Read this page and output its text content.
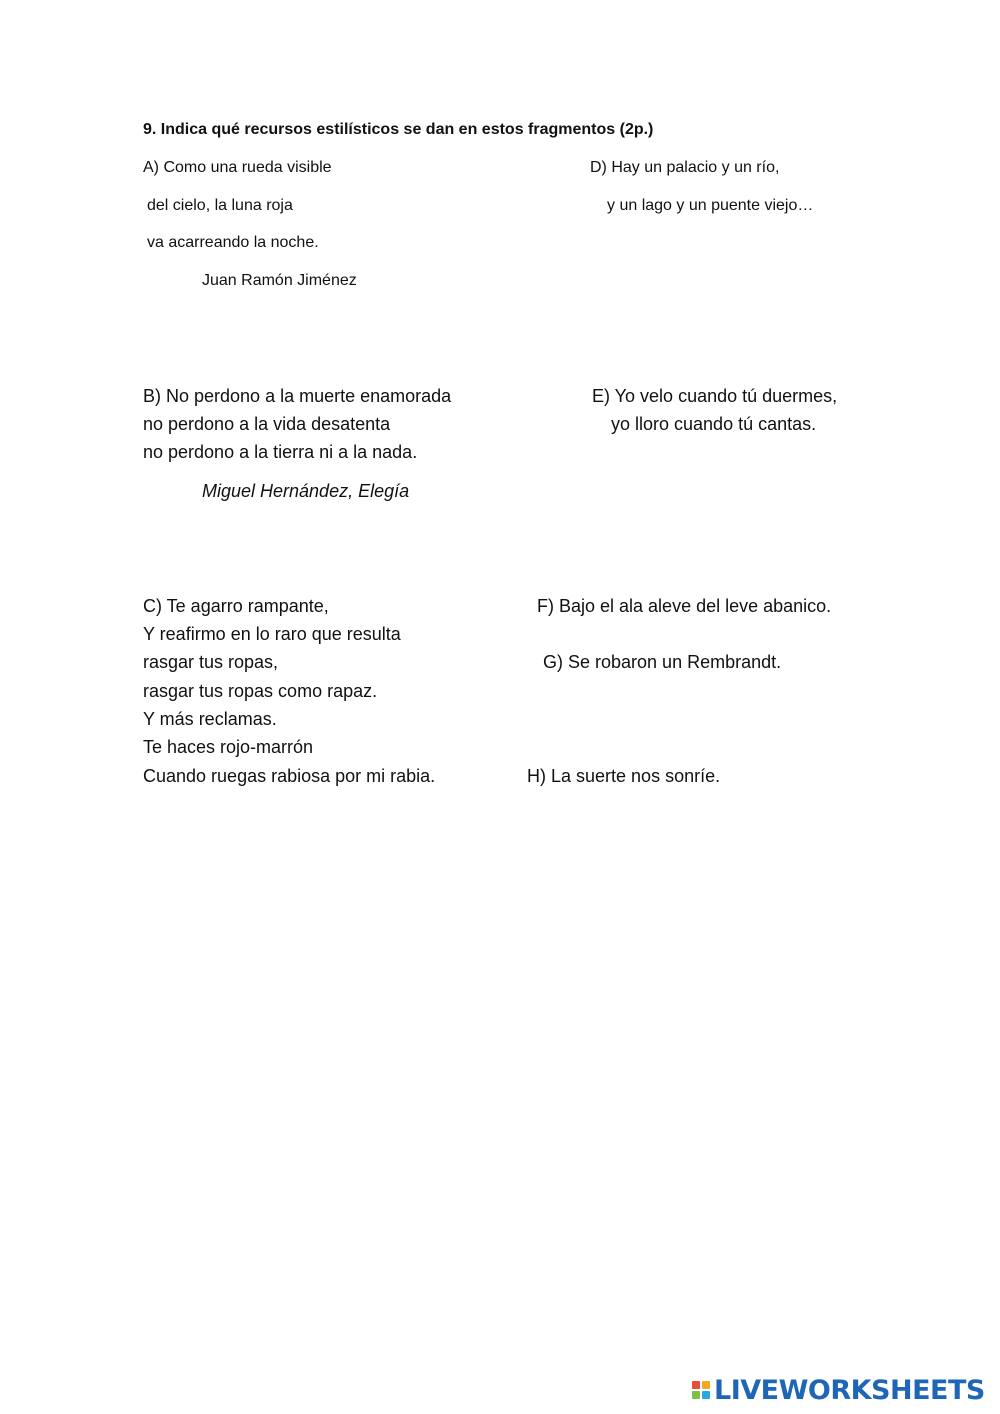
9. Indica qué recursos estilísticos se dan en estos fragmentos (2p.)
A) Como una rueda visible
del cielo, la luna roja
va acarreando la noche.
Juan Ramón Jiménez
D) Hay un palacio y un río,
y un lago y un puente viejo…
B) No perdono a la muerte enamorada
no perdono a la vida desatenta
no perdono a la tierra ni a la nada.
Miguel Hernández, Elegía
E) Yo velo cuando tú duermes,
yo lloro cuando tú cantas.
C) Te agarro rampante,
Y reafirmo en lo raro que resulta
rasgar tus ropas,
rasgar tus ropas como rapaz.
Y más reclamas.
Te haces rojo-marrón
Cuando ruegas rabiosa por mi rabia.
F) Bajo el ala aleve del leve abanico.
G) Se robaron un Rembrandt.
H) La suerte nos sonríe.
LIVEWORKSHEETS
